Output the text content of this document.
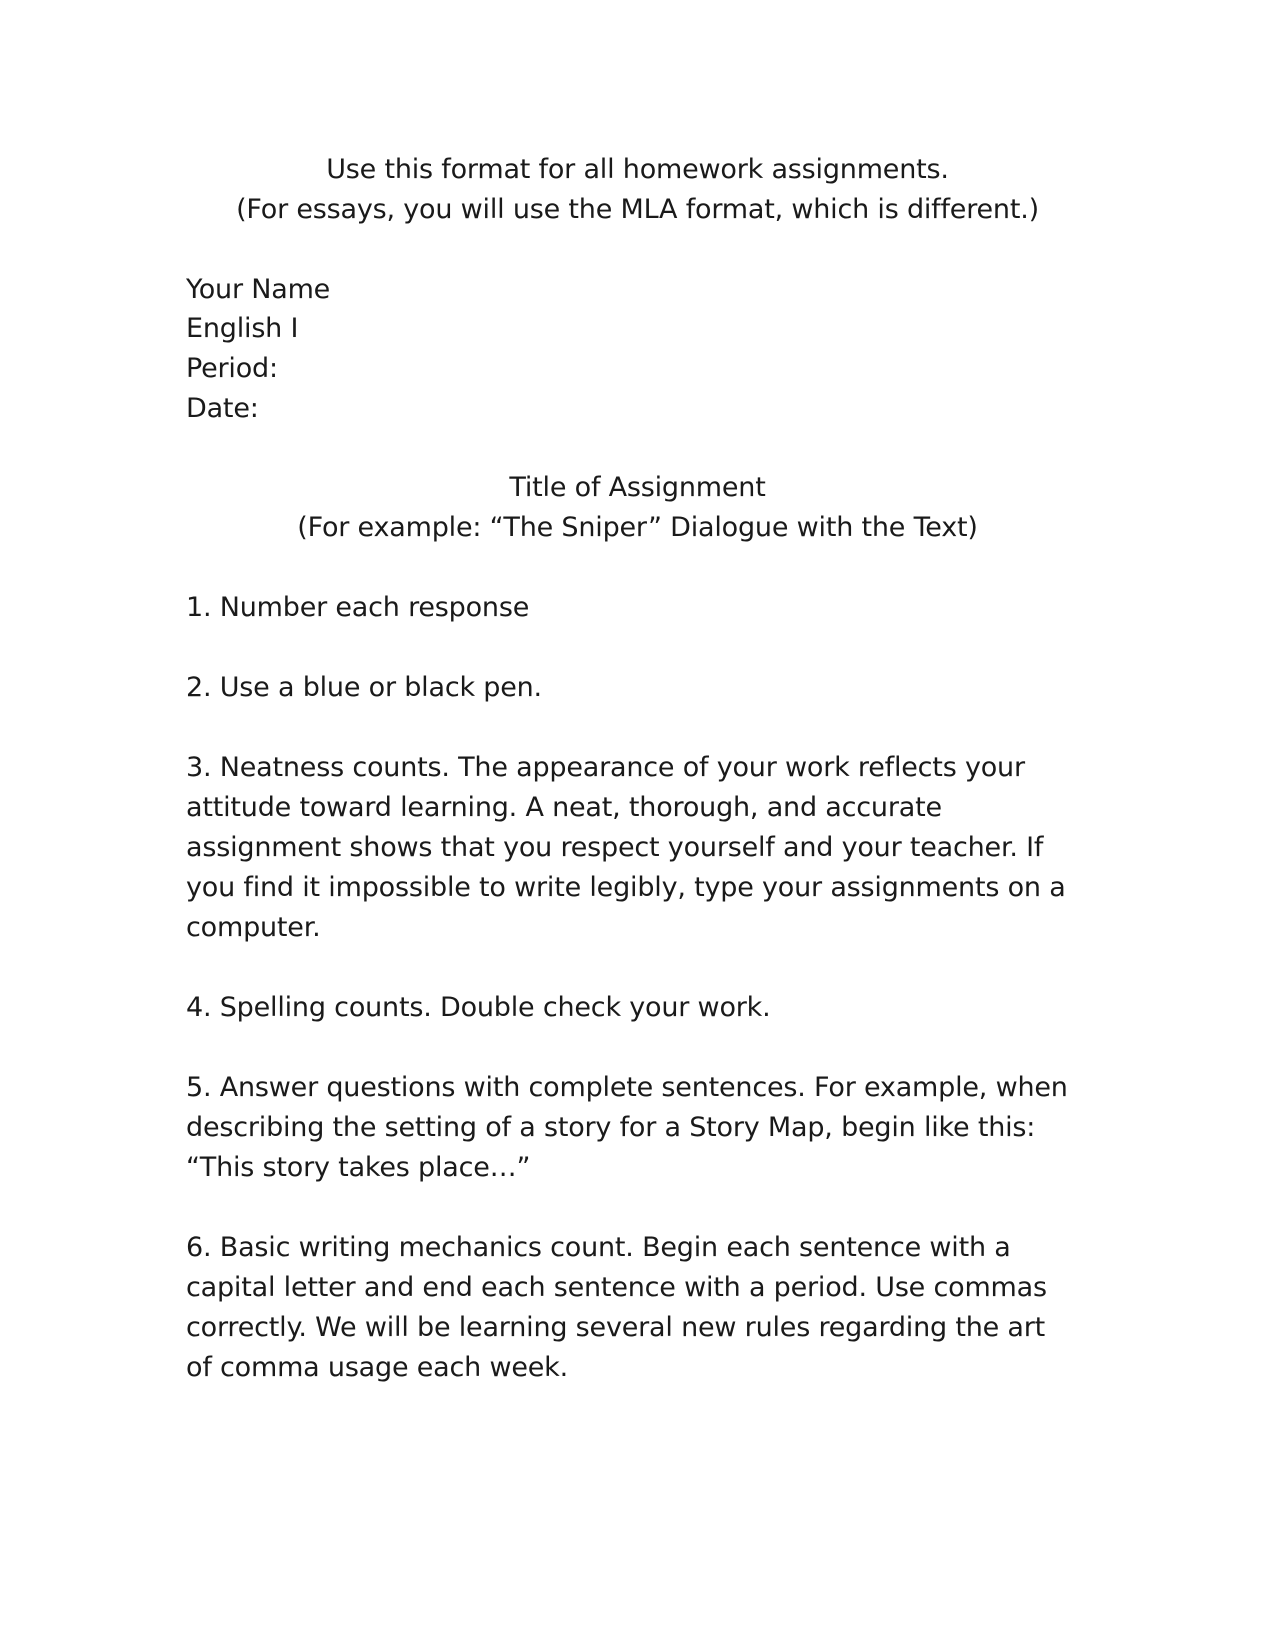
Use this format for all homework assignments.

(For essays, you will use the MLA format, which is different.)

Your Name

English I

Period:

Date:

Title of Assignment

(For example: “The Sniper” Dialogue with the Text)

1. Number each response

2. Use a blue or black pen.

3. Neatness counts. The appearance of your work reflects your

attitude toward learning. A neat, thorough, and accurate

assignment shows that you respect yourself and your teacher. If

you find it impossible to write legibly, type your assignments on a

computer.

4. Spelling counts. Double check your work.

5. Answer questions with complete sentences. For example, when

describing the setting of a story for a Story Map, begin like this:

“This story takes place…”

6. Basic writing mechanics count. Begin each sentence with a

capital letter and end each sentence with a period. Use commas

correctly. We will be learning several new rules regarding the art

of comma usage each week.
